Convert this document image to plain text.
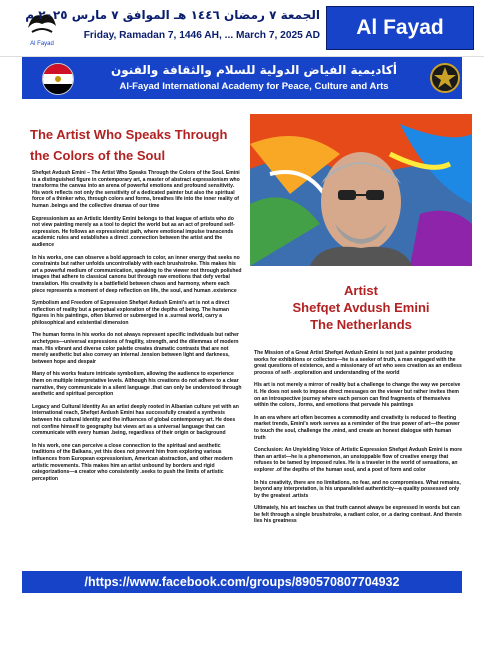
Al Fayad
الجمعة ٧ رمضان ١٤٤٦ هـ الموافق ٧ مارس ٢٠٢٥ م
Friday, Ramadan 7, 1446 AH, ... March 7, 2025 AD	Al Fayad
أكاديمية الفياض الدولية للسلام والثقافة والفنون
Al-Fayad International Academy for Peace, Culture and Arts
The Artist Who Speaks Through the Colors of the Soul
Artist
Shefqet Avdush Emini
The Netherlands

Shefqet Avdush Emini – The Artist Who Speaks Through the Colors of the Soul. Emini is a distinguished figure in contemporary art, a master of abstract expressionism who transforms the canvas into an arena of powerful emotions and profound sensitivity. His work reflects not only the sensitivity of a dedicated painter but also the spiritual force of a thinker who, through colors and forms, breathes life into the inner reality of human .beings and the collective dramas of our time

Expressionism as an Artistic Identity Emini belongs to that league of artists who do not view painting merely as a tool to depict the world but as an act of profound self-expression. He follows an expressionist path, where emotional impulse transcends academic rules and establishes a direct .connection between the artist and the audience

In his works, one can observe a bold approach to color, an inner energy that seeks no constraints but rather unfolds uncontrollably with each brushstroke. This makes his art a powerful medium of communication, speaking to the viewer not through polished images that adhere to classical canons but through raw emotions that defy verbal translation. His creativity is a battlefield between chaos and harmony, where each piece represents a moment of deep reflection on life, the soul, and human .existence

Symbolism and Freedom of Expression Shefqet Avdush Emini's art is not a direct reflection of reality but a perpetual exploration of the depths of being. The human figures in his paintings, often blurred or submerged in a .surreal world, carry a philosophical and existential dimension

The human forms in his works do not always represent specific individuals but rather archetypes—universal expressions of fragility, strength, and the dilemmas of modern man. His vibrant and diverse color palette creates dramatic contrasts that are not merely aesthetic but also convey an internal .tension between light and darkness, between hope and despair

Many of his works feature intricate symbolism, allowing the audience to experience them on multiple interpretative levels. Although his creations do not adhere to a clear narrative, they communicate in a silent language .that can only be understood through aesthetic and spiritual perception

Legacy and Cultural Identity As an artist deeply rooted in Albanian culture yet with an international reach, Shefqet Avdush Emini has successfully created a synthesis between his cultural identity and the influences of global contemporary art. He does not confine himself to geography but views art as a universal language that can communicate with every human .being, regardless of their origin or background

In his work, one can perceive a close connection to the spiritual and aesthetic traditions of the Balkans, yet this does not prevent him from exploring various influences from European expressionism, American abstraction, and other modern artistic movements. This makes him an artist unbound by borders and rigid categorizations—a creator who consistently .seeks to push the limits of artistic perception

The Mission of a Great Artist Shefqet Avdush Emini is not just a painter producing works for exhibitions or collectors—he is a seeker of truth, a man engaged with the great questions of existence, and a missionary of art who sees creation as an endless process of self- .exploration and understanding of the world

His art is not merely a mirror of reality but a challenge to change the way we perceive it. He does not seek to impose direct messages on the viewer but rather invites them on an introspective journey where each person can find fragments of themselves within the colors, .forms, and emotions that pervade his paintings

In an era where art often becomes a commodity and creativity is reduced to fleeting market trends, Emini's work serves as a reminder of the true power of art—the power to touch the soul, challenge the .mind, and create an honest dialogue with human truth

Conclusion: An Unyielding Voice of Artistic Expression Shefqet Avdush Emini is more than an artist—he is a phenomenon, an unstoppable flow of creative energy that refuses to be tamed by imposed rules. He is a traveler in the world of sensations, an explorer .of the depths of the human soul, and a poet of form and color

In his creativity, there are no limitations, no fear, and no compromises. What remains, beyond any interpretation, is his unparalleled authenticity—a quality possessed only by the greatest .artists

Ultimately, his art teaches us that truth cannot always be expressed in words but can be felt through a single brushstroke, a radiant color, or .a daring contrast. And therein lies his greatness

/https://www.facebook.com/groups/890570807704932
